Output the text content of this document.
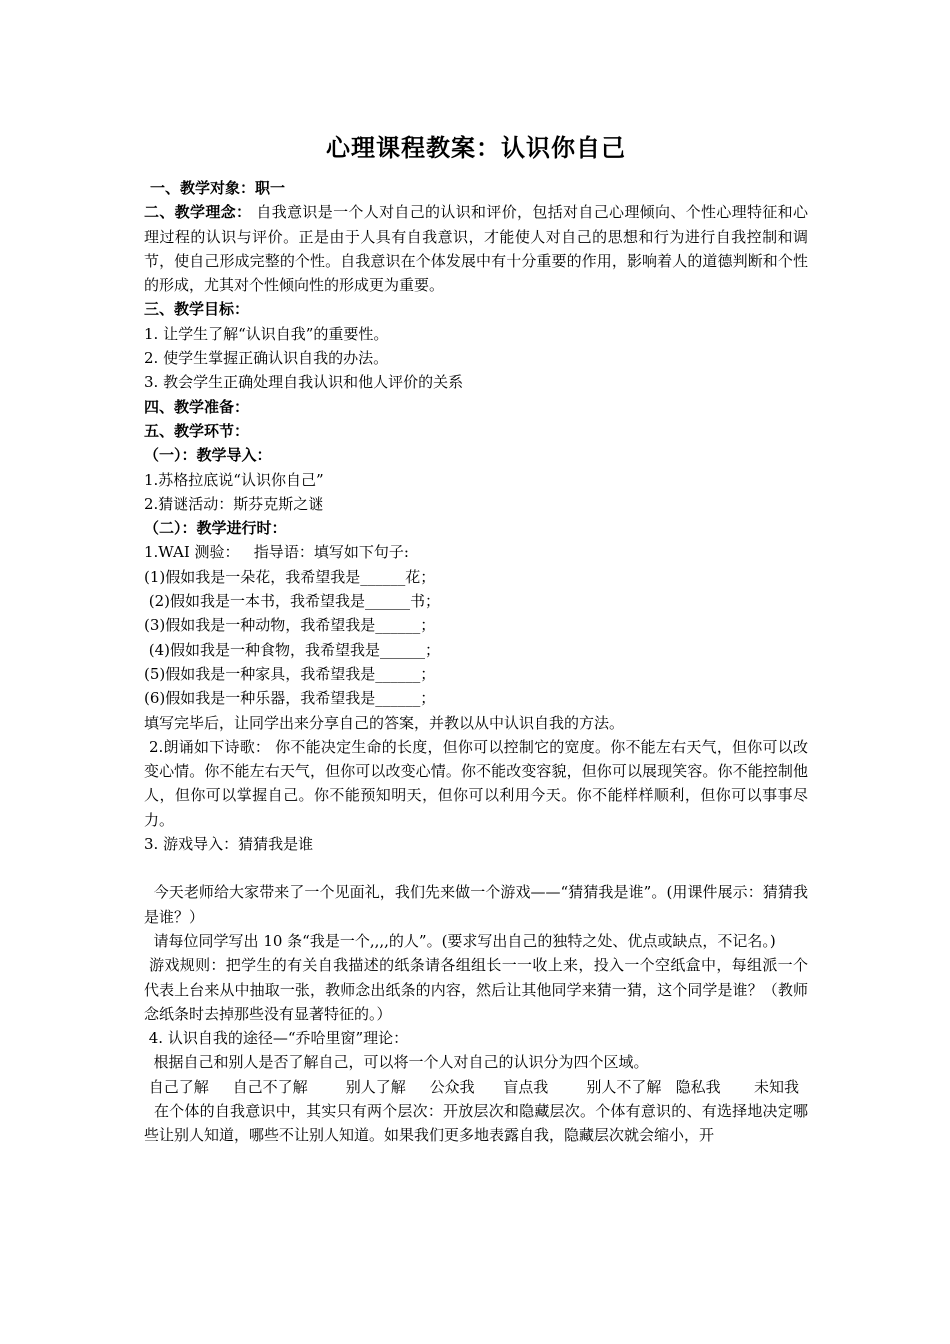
心理课程教案：认识你自己
一、教学对象：职一
二、教学理念： 自我意识是一个人对自己的认识和评价，包括对自己心理倾向、个性心理特征和心理过程的认识与评价。正是由于人具有自我意识，才能使人对自己的思想和行为进行自我控制和调节，使自己形成完整的个性。自我意识在个体发展中有十分重要的作用，影响着人的道德判断和个性的形成，尤其对个性倾向性的形成更为重要。
三、教学目标：
1. 让学生了解“认识自我”的重要性。
2. 使学生掌握正确认识自我的办法。
3. 教会学生正确处理自我认识和他人评价的关系
四、教学准备：
五、教学环节：
（一）：教学导入：
1.苏格拉底说“认识你自己”
2.猜谜活动：斯芬克斯之谜
（二）：教学进行时：
1.WAI 测验：   指导语：填写如下句子:
(1)假如我是一朵花，我希望我是______花；
(2)假如我是一本书，我希望我是______书；
(3)假如我是一种动物，我希望我是______；
(4)假如我是一种食物，我希望我是______；
(5)假如我是一种家具，我希望我是______；
(6)假如我是一种乐器，我希望我是______；
填写完毕后，让同学出来分享自己的答案，并教以从中认识自我的方法。
2.朗诵如下诗歌： 你不能决定生命的长度，但你可以控制它的宽度。你不能左右天气，但你可以改变心情。你不能左右天气，但你可以改变心情。你不能改变容貌，但你可以展现笑容。你不能控制他人，但你可以掌握自己。你不能预知明天，但你可以利用今天。你不能样样顺利，但你可以事事尽力。
3. 游戏导入：猜猜我是谁
今天老师给大家带来了一个见面礼，我们先来做一个游戏——“猜猜我是谁”。(用课件展示：猜猜我是谁？）
请每位同学写出 10 条“我是一个,,,,的人”。(要求写出自己的独特之处、优点或缺点，不记名。)
游戏规则：把学生的有关自我描述的纸条请各组组长一一收上来，投入一个空纸盒中，每组派一个代表上台来从中抽取一张，教师念出纸条的内容，然后让其他同学来猜一猜，这个同学是谁？（教师念纸条时去掉那些没有显著特征的。）
4. 认识自我的途径—“乔哈里窗”理论：
根据自己和别人是否了解自己，可以将一个人对自己的认识分为四个区域。
自己了解     自己不了解        别人了解     公众我      盲点我        别人不了解   隐私我       未知我
在个体的自我意识中，其实只有两个层次：开放层次和隐藏层次。个体有意识的、有选择地决定哪些让别人知道，哪些不让别人知道。如果我们更多地表露自我，隐藏层次就会缩小，开
